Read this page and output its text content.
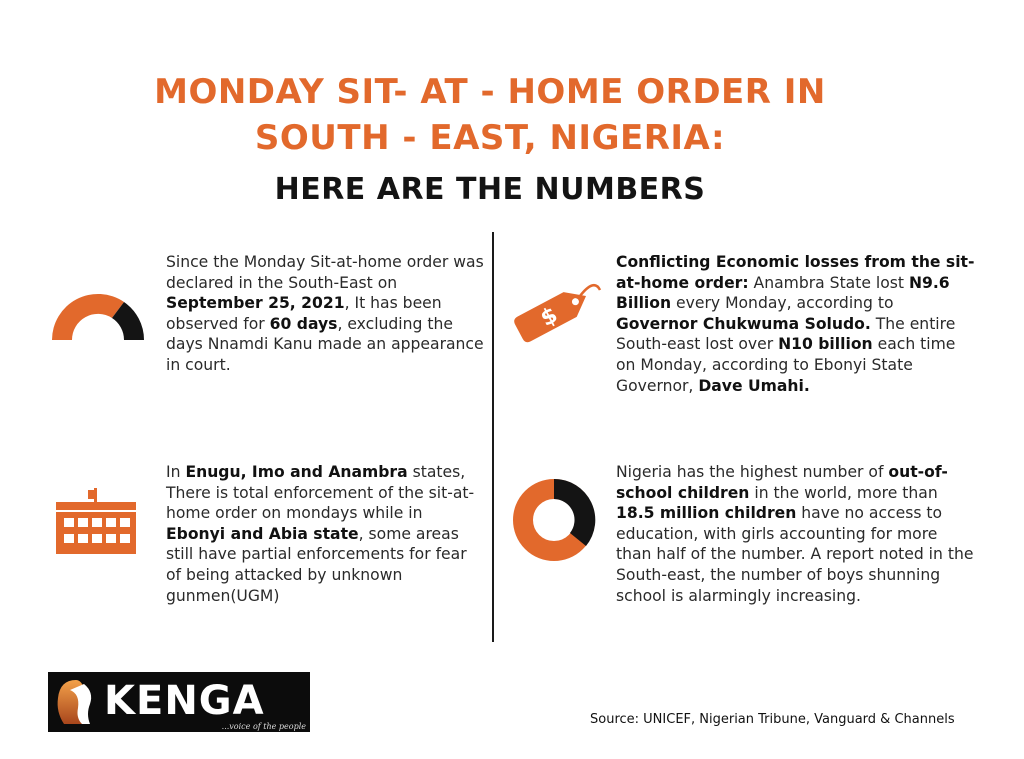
MONDAY SIT- AT - HOME ORDER IN
SOUTH - EAST, NIGERIA:
HERE ARE THE NUMBERS
$
Since the Monday Sit-at-home order was declared in the South-East on September 25, 2021, It has been observed for 60 days, excluding the days Nnamdi Kanu made an appearance in court.
Conflicting Economic losses from the sit-at-home order: Anambra State lost N9.6 Billion every Monday, according to Governor Chukwuma Soludo. The entire South-east lost over N10 billion each time on Monday, according to Ebonyi State Governor, Dave Umahi.
In Enugu, Imo and Anambra states, There is total enforcement of the sit-at-home order on mondays while in Ebonyi and Abia state, some areas still have partial enforcements for fear of being attacked by unknown gunmen(UGM)
Nigeria has the highest number of out-of-school children in the world, more than 18.5 million children have no access to education, with girls accounting for more than half of the number. A report noted in the South-east, the number of boys shunning school is alarmingly increasing.
KENGA
...voice of the people	Source: UNICEF, Nigerian Tribune, Vanguard & Channels
